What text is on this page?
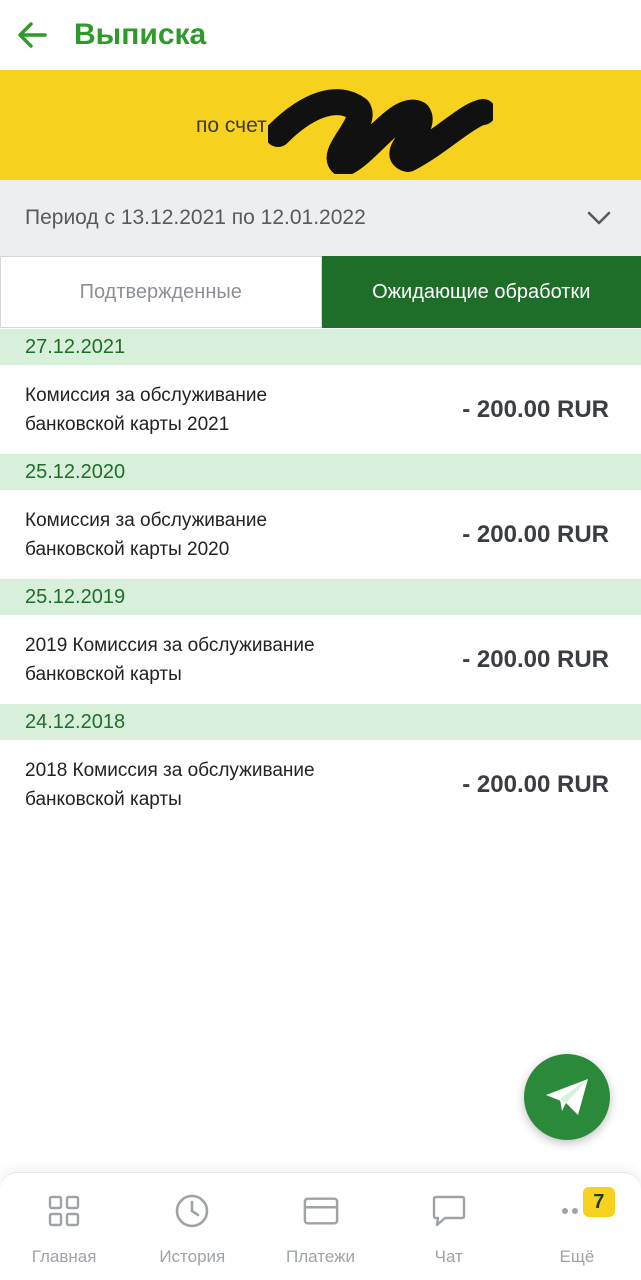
Выписка
по счет
Период с 13.12.2021 по 12.01.2022
Подтвержденные	Ожидающие обработки
27.12.2021
Комиссия за обслуживание
банковской карты 2021
- 200.00 RUR
25.12.2020
Комиссия за обслуживание
банковской карты 2020
- 200.00 RUR
25.12.2019
2019 Комиссия за обслуживание
банковской карты
- 200.00 RUR
24.12.2018
2018 Комиссия за обслуживание
банковской карты
- 200.00 RUR
Главная	История	Платежи	Чат
7
Ещё
